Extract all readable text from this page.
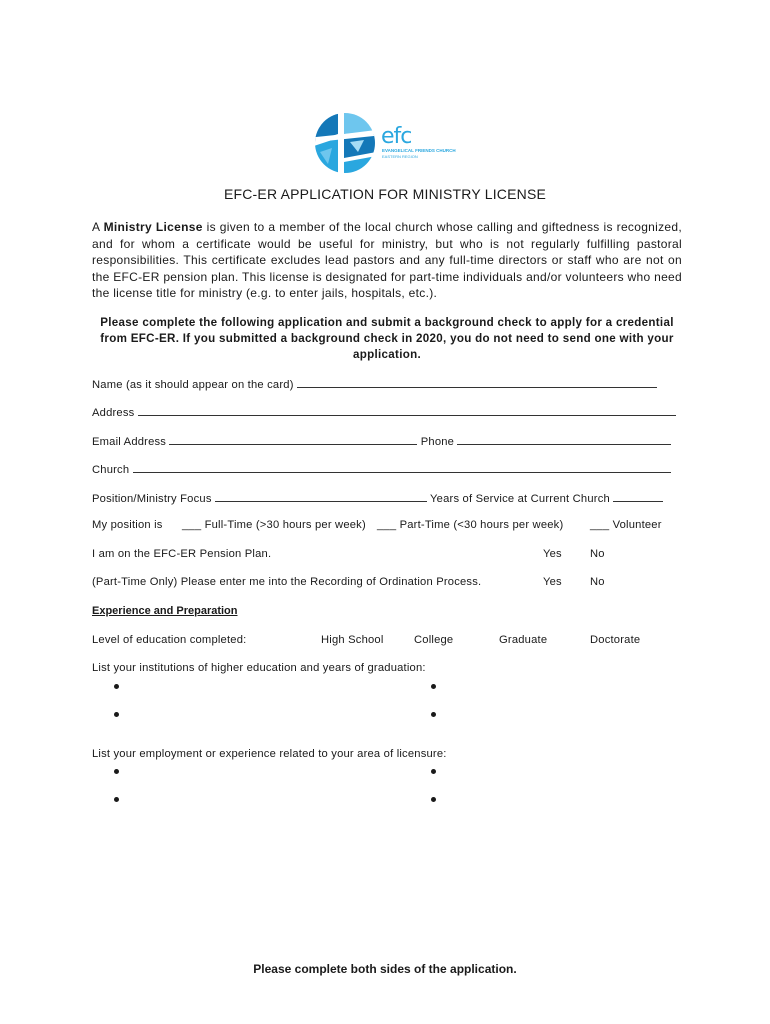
efc
EVANGELICAL FRIENDS CHURCH
EASTERN REGION
EFC-ER APPLICATION FOR MINISTRY LICENSE
A Ministry License is given to a member of the local church whose calling and giftedness is recognized, and for whom a certificate would be useful for ministry, but who is not regularly fulfilling pastoral responsibilities. This certificate excludes lead pastors and any full-time directors or staff who are not on the EFC-ER pension plan. This license is designated for part-time individuals and/or volunteers who need the license title for ministry (e.g. to enter jails, hospitals, etc.).
Please complete the following application and submit a background check to apply for a credential from EFC-ER. If you submitted a background check in 2020, you do not need to send one with your application.
Name (as it should appear on the card)
Address
Email Address	Phone
Church
Position/Ministry Focus	Years of Service at Current Church
My position is ___ Full-Time (>30 hours per week) ___ Part-Time (<30 hours per week) ___ Volunteer
I am on the EFC-ER Pension Plan.	Yes	No
(Part-Time Only) Please enter me into the Recording of Ordination Process.	Yes	No
Experience and Preparation
Level of education completed:	High School	College	Graduate	Doctorate
List your institutions of higher education and years of graduation:
List your employment or experience related to your area of licensure:
Please complete both sides of the application.
